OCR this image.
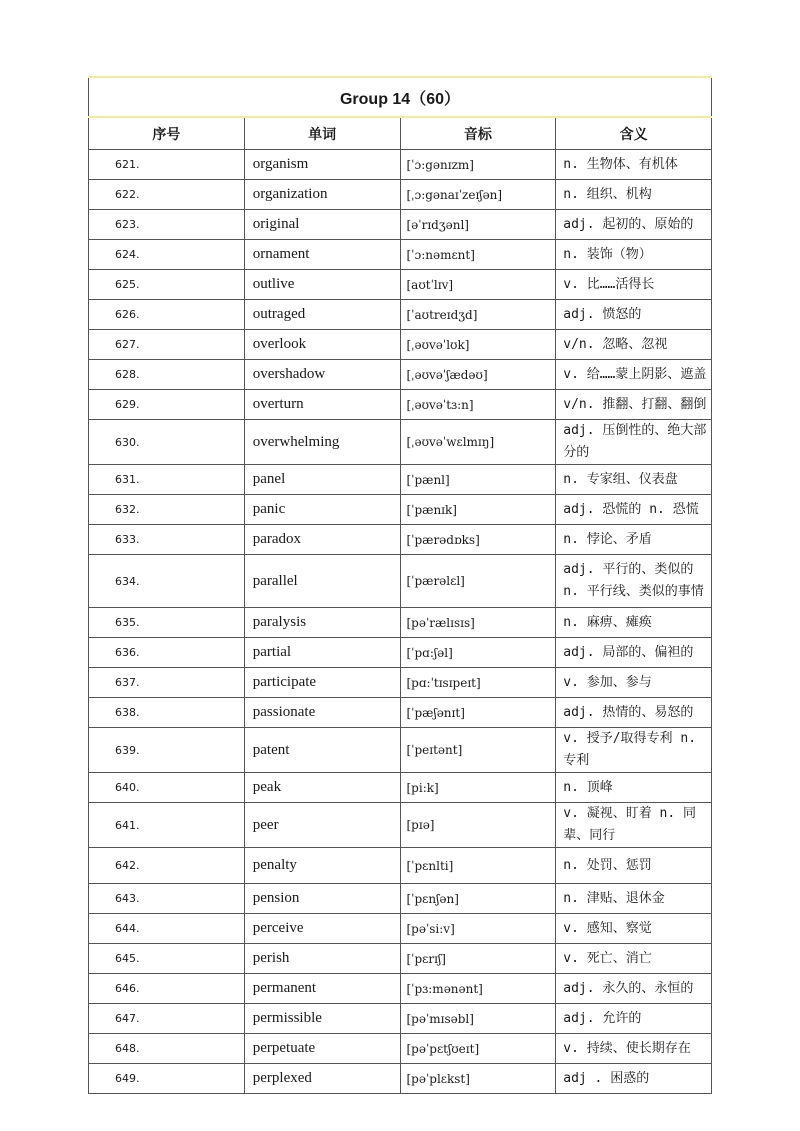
Group 14（60）			
序号	单词	音标	含义
621.	organism	[ˈɔ:gənɪzm]	n. 生物体、有机体

622.	organization	[ˌɔ:gənaɪˈzeɪʃən]	n. 组织、机构

623.	original	[əˈrɪdʒənl]	adj. 起初的、原始的

624.	ornament	[ˈɔ:nəmɛnt]	n. 装饰（物）

625.	outlive	[aʊtˈlɪv]	v. 比……活得长

626.	outraged	[ˈaʊtreɪdʒd]	adj. 愤怒的

627.	overlook	[ˌəʊvəˈlʊk]	v/n. 忽略、忽视

628.	overshadow	[ˌəʊvəˈʃædəʊ]	v. 给……蒙上阴影、遮盖

629.	overturn	[ˌəʊvəˈtɜ:n]	v/n. 推翻、打翻、翻倒

630.	overwhelming	[ˌəʊvəˈwɛlmɪŋ]	adj. 压倒性的、绝大部分的

631.	panel	[ˈpænl]	n. 专家组、仪表盘

632.	panic	[ˈpænɪk]	adj. 恐慌的 n. 恐慌

633.	paradox	[ˈpærədɒks]	n. 悖论、矛盾

634.	parallel	[ˈpærəlɛl]	adj. 平行的、类似的
n. 平行线、类似的事情

635.	paralysis	[pəˈrælɪsɪs]	n. 麻痹、瘫痪

636.	partial	[ˈpɑ:ʃəl]	adj. 局部的、偏袒的

637.	participate	[pɑ:ˈtɪsɪpeɪt]	v. 参加、参与

638.	passionate	[ˈpæʃənɪt]	adj. 热情的、易怒的

639.	patent	[ˈpeɪtənt]	v. 授予/取得专利 n. 专利

640.	peak	[pi:k]	n. 顶峰

641.	peer	[pɪə]	v. 凝视、盯着 n. 同辈、同行

642.	penalty	[ˈpɛnlti]	n. 处罚、惩罚

643.	pension	[ˈpɛnʃən]	n. 津贴、退休金

644.	perceive	[pəˈsi:v]	v. 感知、察觉

645.	perish	[ˈpɛrɪʃ]	v. 死亡、消亡

646.	permanent	[ˈpɜ:mənənt]	adj. 永久的、永恒的

647.	permissible	[pəˈmɪsəbl]	adj. 允许的

648.	perpetuate	[pəˈpɛtʃʊeɪt]	v. 持续、使长期存在

649.	perplexed	[pəˈplɛkst]	adj . 困惑的
